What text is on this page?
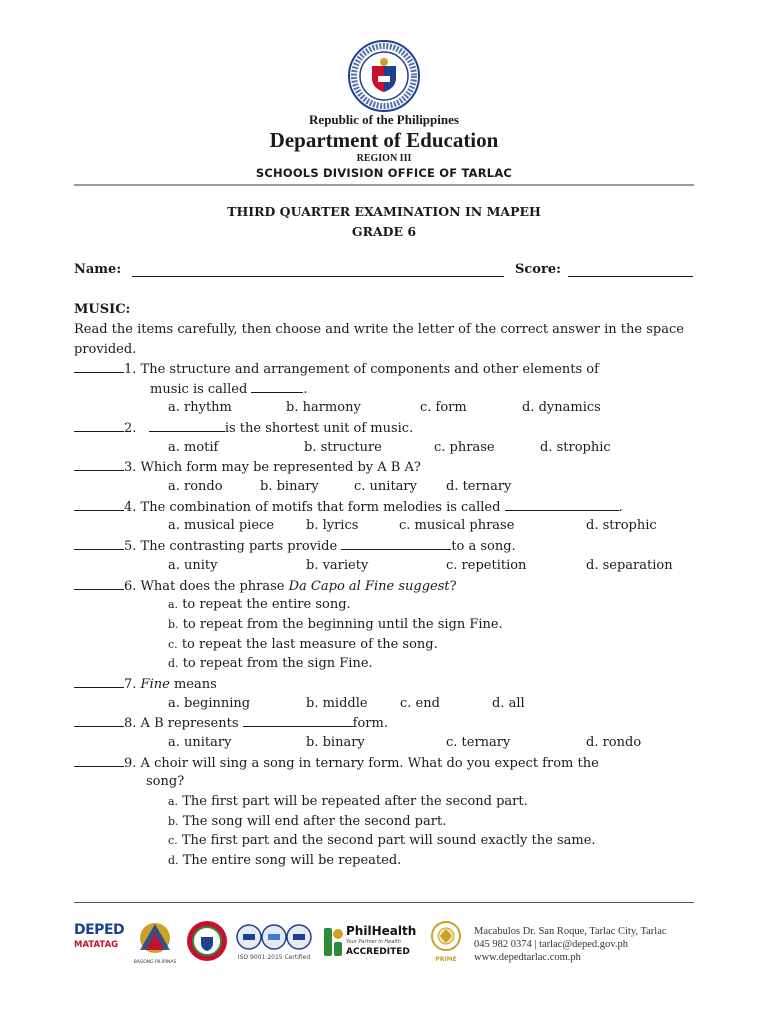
Republic of the Philippines
Department of Education
REGION III
SCHOOLS DIVISION OFFICE OF TARLAC
THIRD QUARTER EXAMINATION IN MAPEH
GRADE 6
Name:	Score:
MUSIC:
Read the items carefully, then choose and write the letter of the correct answer in the space provided.
1. The structure and arrangement of components and other elements of
music is called	.
a. rhythm	b. harmony	c. form	d. dynamics
2.	is the shortest unit of music.
a. motif	b. structure	c. phrase	d. strophic
3. Which form may be represented by A B A?
a. rondo	b. binary	c. unitary d. ternary
4. The combination of motifs that form melodies is called	.
a. musical piece b. lyrics	c. musical phrase	d. strophic
5. The contrasting parts provide	to a song.
a. unity	b. variety	c. repetition	d. separation
6. What does the phrase Da Capo al Fine suggest?
a. to repeat the entire song.
b. to repeat from the beginning until the sign Fine.
c. to repeat the last measure of the song.
d. to repeat from the sign Fine.
7. Fine means
a. beginning	b. middle c. end	d. all
8. A B represents	form.
a. unitary	b. binary	c. ternary	d. rondo
9. A choir will sing a song in ternary form. What do you expect from the
song?
a. The first part will be repeated after the second part.
b. The song will end after the second part.
c. The first part and the second part will sound exactly the same.
d. The entire song will be repeated.
DEPED
MATATAG
BAGONG PILIPINAS
ISO 9001:2015 Certified
PhilHealth
Your Partner in Health
ACCREDITED
PRIME
Macabulos Dr. San Roque, Tarlac City, Tarlac
045 982 0374 | tarlac@deped.gov.ph
www.depedtarlac.com.ph
